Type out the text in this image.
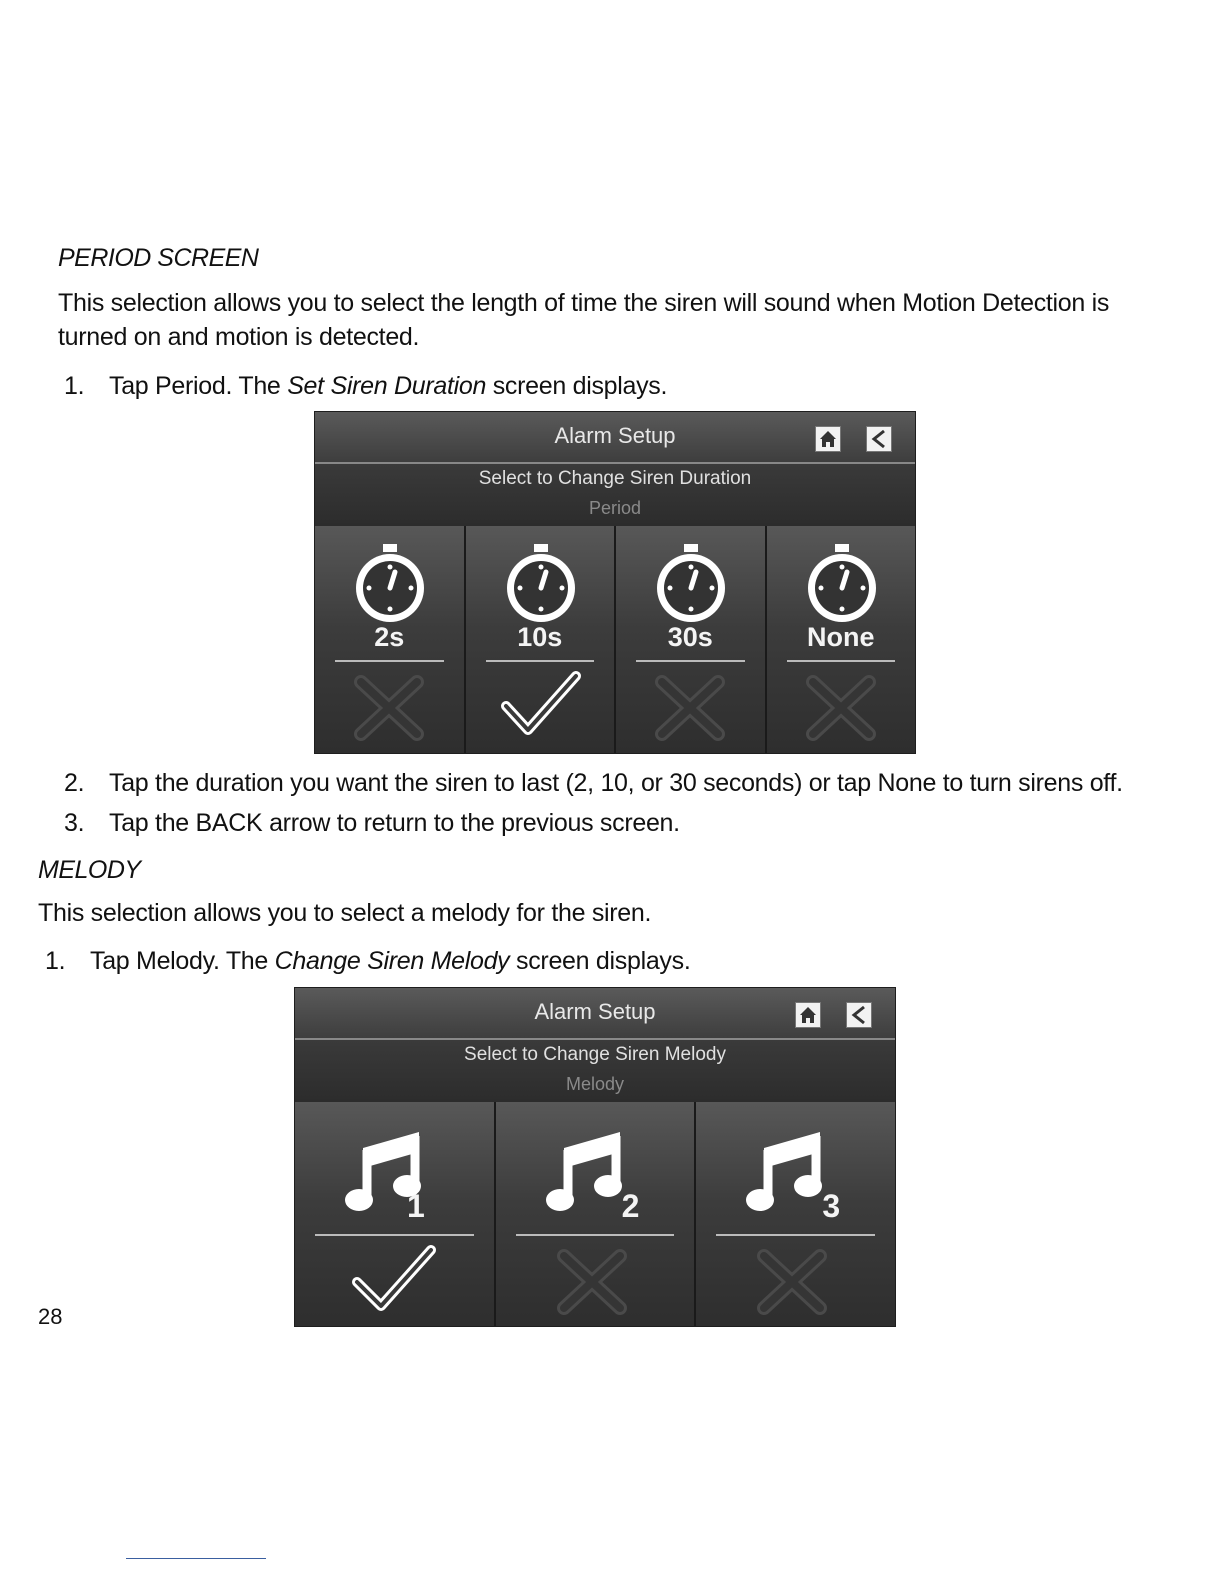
PERIOD SCREEN
This selection allows you to select the length of time the siren will sound when Motion Detection is
turned on and motion is detected.
1. Tap Period. The Set Siren Duration screen displays.
Alarm Setup
Select to Change Siren Duration
Period
2s	10s	30s	None
2. Tap the duration you want the siren to last (2, 10, or 30 seconds) or tap None to turn sirens off.
3. Tap the BACK arrow to return to the previous screen.
MELODY
This selection allows you to select a melody for the siren.
1. Tap Melody. The Change Siren Melody screen displays.
Alarm Setup
Select to Change Siren Melody
Melody
1	2	3
28
